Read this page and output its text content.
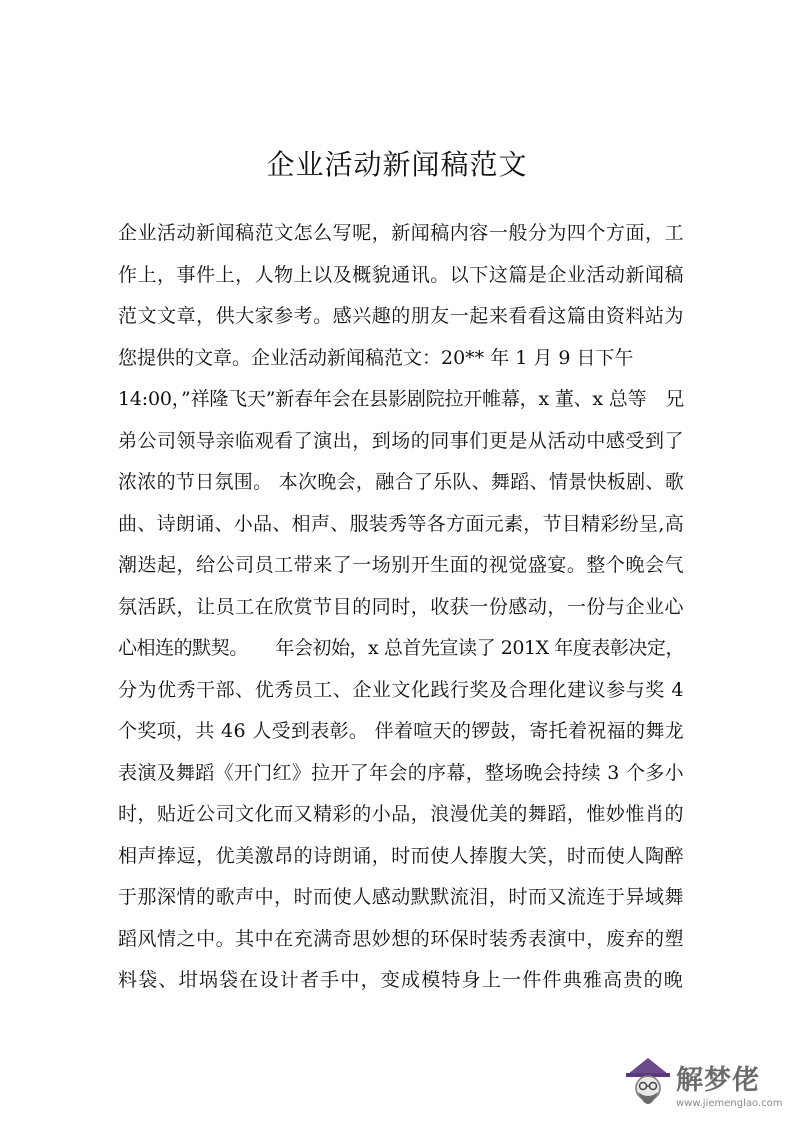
企业活动新闻稿范文
企业活动新闻稿范文怎么写呢，新闻稿内容一般分为四个方面，工
作上，事件上，人物上以及概貌通讯。以下这篇是企业活动新闻稿
范文文章，供大家参考。感兴趣的朋友一起来看看这篇由资料站为
您提供的文章。企业活动新闻稿范文：20** 年 1 月 9 日下午
14:00，”祥隆飞天”新春年会在县影剧院拉开帷幕，x 董、x 总等　兄
弟公司领导亲临观看了演出，到场的同事们更是从活动中感受到了
浓浓的节日氛围。 本次晚会，融合了乐队、舞蹈、情景快板剧、歌
曲、诗朗诵、小品、相声、服装秀等各方面元素，节目精彩纷呈,高
潮迭起，给公司员工带来了一场别开生面的视觉盛宴。整个晚会气
氛活跃，让员工在欣赏节目的同时，收获一份感动，一份与企业心
心相连的默契。　　年会初始，x 总首先宣读了 201X 年度表彰决定，
分为优秀干部、优秀员工、企业文化践行奖及合理化建议参与奖 4
个奖项，共 46 人受到表彰。 伴着喧天的锣鼓，寄托着祝福的舞龙
表演及舞蹈《开门红》拉开了年会的序幕，整场晚会持续 3 个多小
时，贴近公司文化而又精彩的小品，浪漫优美的舞蹈，惟妙惟肖的
相声捧逗，优美激昂的诗朗诵，时而使人捧腹大笑，时而使人陶醉
于那深情的歌声中，时而使人感动默默流泪，时而又流连于异域舞
蹈风情之中。其中在充满奇思妙想的环保时装秀表演中，废弃的塑
料袋、坩埚袋在设计者手中，变成模特身上一件件典雅高贵的晚
解梦佬
www.jiemenglao.com
